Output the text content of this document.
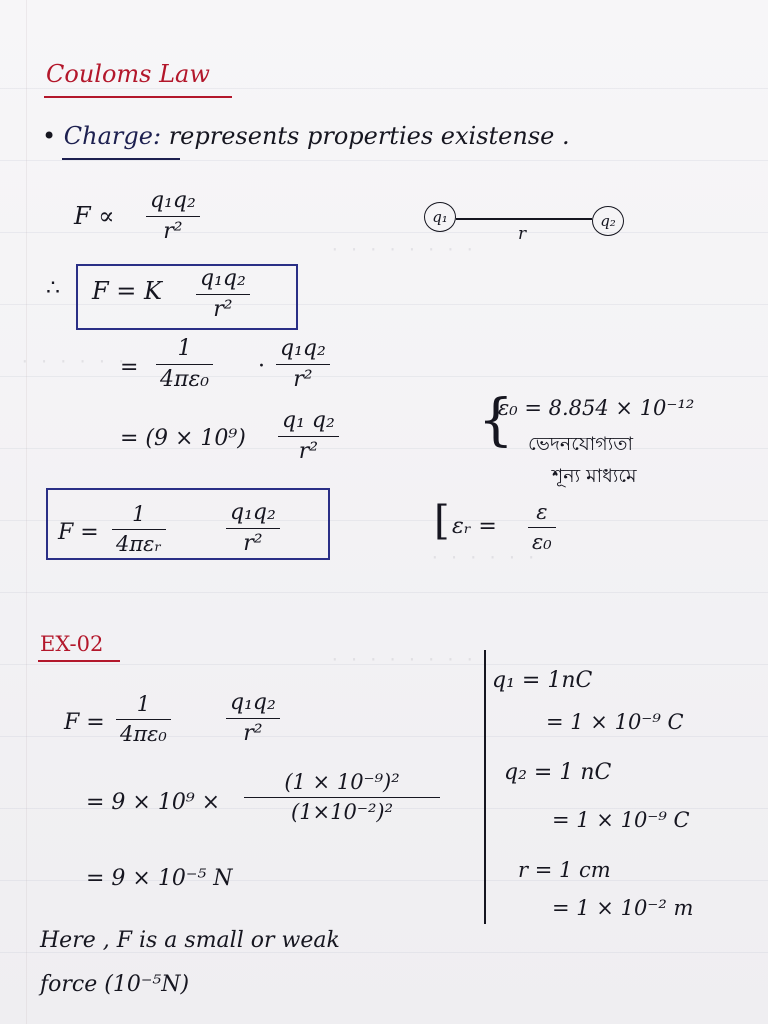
· · · · · · · ·
· · · · · ·
· · · · · ·
· · · · · · · ·
Couloms Law
• Charge: represents properties existense .
F ∝
q₁q₂
r²
q₁
r
q₂
∴ F = K q₁q₂
r²
=
1
4πε₀
·
q₁q₂
r²
= (9 × 10⁹)
q₁ q₂
r²	{
ε₀ = 8.854 × 10⁻¹²
ভেদনযোগ্যতা
শূন্য মাধ্যমে
F =
1
4πεᵣ
q₁q₂
r²	[ εᵣ =
ε
ε₀
EX-02
F =
1
4πε₀
q₁q₂
r²
= 9 × 10⁹ ×
(1 × 10⁻⁹)²
(1×10⁻²)²
= 9 × 10⁻⁵ N
q₁ = 1nC
= 1 × 10⁻⁹ C
q₂ = 1 nC
= 1 × 10⁻⁹ C
r = 1 cm
= 1 × 10⁻² m
Here , F is a small or weak
force (10⁻⁵N)
